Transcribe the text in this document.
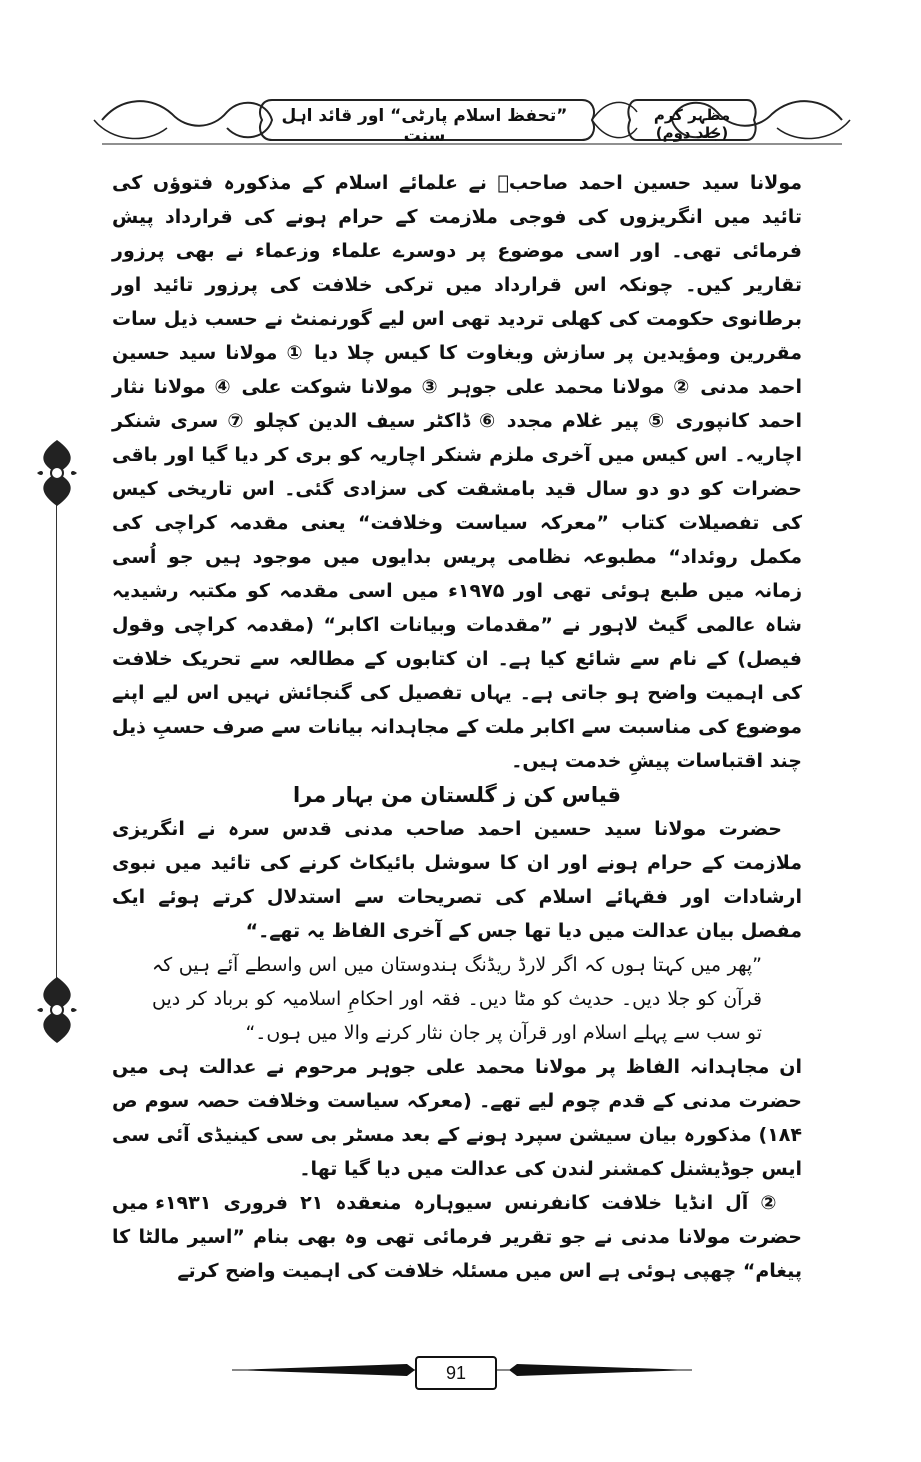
مظہر کرم (جلد دوم)
”تحفظ اسلام پارٹی“ اور قائد اہل سنت

مولانا سید حسین احمد صاحبؒ نے علمائے اسلام کے مذکورہ فتوؤں کی تائید میں انگریزوں کی فوجی ملازمت کے حرام ہونے کی قرارداد پیش فرمائی تھی۔ اور اسی موضوع پر دوسرے علماء وزعماء نے بھی پرزور تقاریر کیں۔ چونکہ اس قرارداد میں ترکی خلافت کی پرزور تائید اور برطانوی حکومت کی کھلی تردید تھی اس لیے گورنمنٹ نے حسب ذیل سات مقررین ومؤیدین پر سازش وبغاوت کا کیس چلا دیا ① مولانا سید حسین احمد مدنی ② مولانا محمد علی جوہر ③ مولانا شوکت علی ④ مولانا نثار احمد کانپوری ⑤ پیر غلام مجدد ⑥ ڈاکٹر سیف الدین کچلو ⑦ سری شنکر اچاریہ۔ اس کیس میں آخری ملزم شنکر اچاریہ کو بری کر دیا گیا اور باقی حضرات کو دو دو سال قید بامشقت کی سزادی گئی۔ اس تاریخی کیس کی تفصیلات کتاب ”معرکہ سیاست وخلافت“ یعنی مقدمہ کراچی کی مکمل روئداد“ مطبوعہ نظامی پریس بدایوں میں موجود ہیں جو اُسی زمانہ میں طبع ہوئی تھی اور ۱۹۷۵ء میں اسی مقدمہ کو مکتبہ رشیدیہ شاہ عالمی گیٹ لاہور نے ”مقدمات وبیانات اکابر“ (مقدمہ کراچی وقول فیصل) کے نام سے شائع کیا ہے۔ ان کتابوں کے مطالعہ سے تحریک خلافت کی اہمیت واضح ہو جاتی ہے۔ یہاں تفصیل کی گنجائش نہیں اس لیے اپنے موضوع کی مناسبت سے اکابر ملت کے مجاہدانہ بیانات سے صرف حسبِ ذیل چند اقتباسات پیشِ خدمت ہیں۔

قیاس کن ز گلستان من بہار مرا

حضرت مولانا سید حسین احمد صاحب مدنی قدس سرہ نے انگریزی ملازمت کے حرام ہونے اور ان کا سوشل بائیکاٹ کرنے کی تائید میں نبوی ارشادات اور فقہائے اسلام کی تصریحات سے استدلال کرتے ہوئے ایک مفصل بیان عدالت میں دیا تھا جس کے آخری الفاظ یہ تھے۔“

”پھر میں کہتا ہوں کہ اگر لارڈ ریڈنگ ہندوستان میں اس واسطے آئے ہیں کہ قرآن کو جلا دیں۔ حدیث کو مٹا دیں۔ فقہ اور احکامِ اسلامیہ کو برباد کر دیں تو سب سے پہلے اسلام اور قرآن پر جان نثار کرنے والا میں ہوں۔“

ان مجاہدانہ الفاظ پر مولانا محمد علی جوہر مرحوم نے عدالت ہی میں حضرت مدنی کے قدم چوم لیے تھے۔ (معرکہ سیاست وخلافت حصہ سوم ص ۱۸۴) مذکورہ بیان سیشن سپرد ہونے کے بعد مسٹر بی سی کینیڈی آئی سی ایس جوڈیشنل کمشنر لندن کی عدالت میں دیا گیا تھا۔

② آل انڈیا خلافت کانفرنس سیوہارہ منعقدہ ۲۱ فروری ۱۹۳۱ء میں حضرت مولانا مدنی نے جو تقریر فرمائی تھی وہ بھی بنام ”اسیر مالٹا کا پیغام“ چھپی ہوئی ہے اس میں مسئلہ خلافت کی اہمیت واضح کرتے

91
